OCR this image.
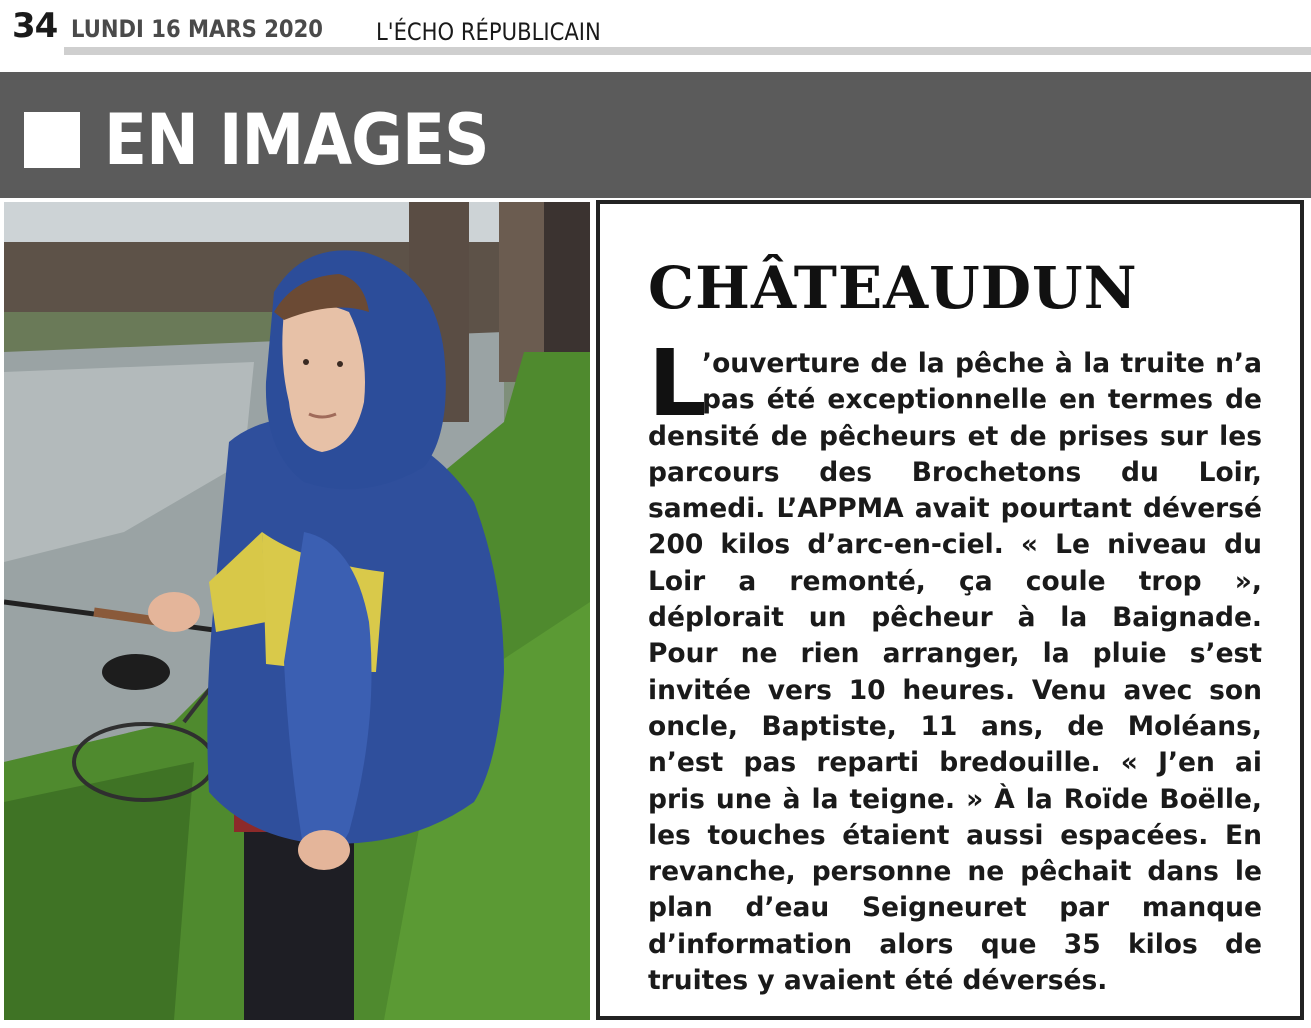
34 LUNDI 16 MARS 2020 L'ÉCHO RÉPUBLICAIN
EN IMAGES
CHÂTEAUDUN
L
’ouverture de la pêche à la truite n’a pas été exceptionnelle en termes de densité de pêcheurs et de prises sur les parcours des Brochetons du Loir, samedi. L’APPMA avait pourtant déversé 200 kilos d’arc-en-ciel. « Le niveau du Loir a remonté, ça coule trop », déplorait un pêcheur à la Baignade. Pour ne rien arranger, la pluie s’est invitée vers 10 heures. Venu avec son oncle, Baptiste, 11 ans, de Moléans, n’est pas reparti bredouille. « J’en ai pris une à la teigne. » À la Roïde Boëlle, les touches étaient aussi espacées. En revanche, personne ne pêchait dans le plan d’eau Seigneuret par manque d’information alors que 35 kilos de truites y avaient été déversés.
